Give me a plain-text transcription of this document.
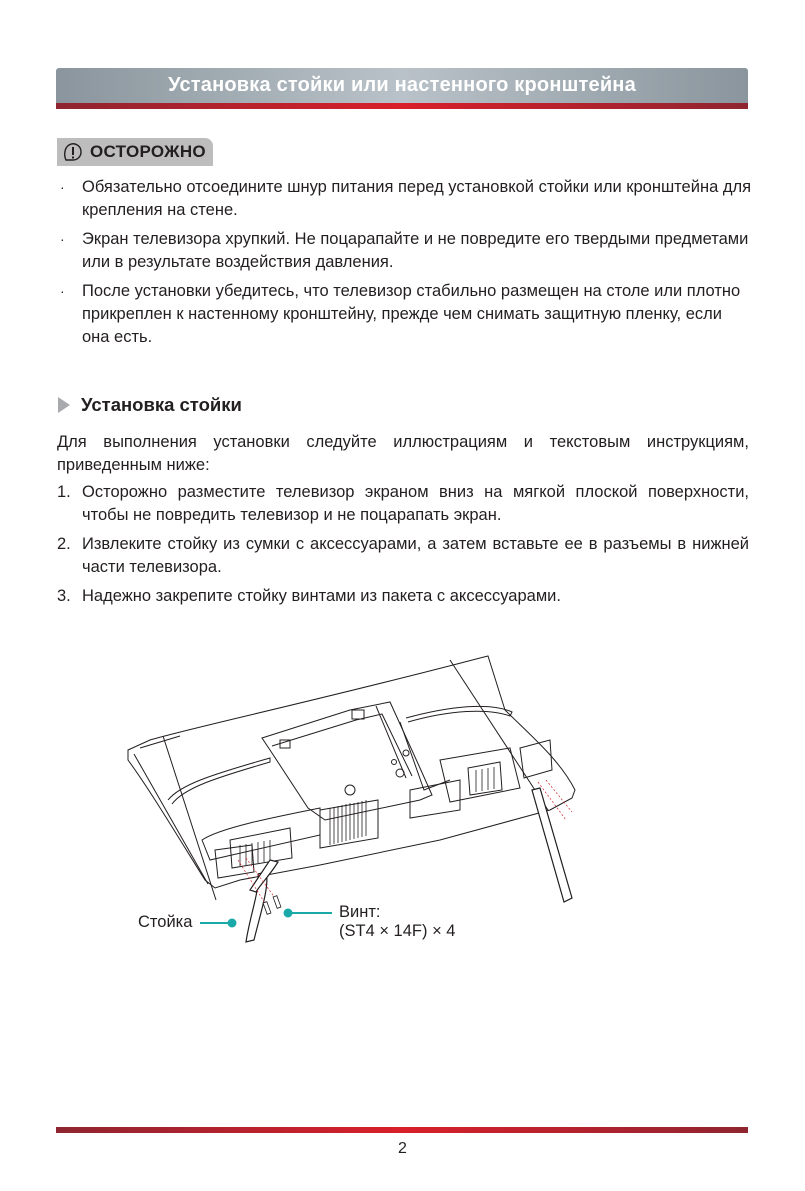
Установка стойки или настенного кронштейна
ОСТОРОЖНО
· Обязательно отсоедините шнур питания перед установкой стойки или кронштейна для крепления на стене.
· Экран телевизора хрупкий. Не поцарапайте и не повредите его твердыми предметами или в результате воздействия давления.
· После установки убедитесь, что телевизор стабильно размещен на столе или плотно прикреплен к настенному кронштейну, прежде чем снимать защитную пленку, если она есть.
Установка стойки

Для выполнения установки следуйте иллюстрациям и текстовым инструкциям, приведенным ниже:

1. Осторожно разместите телевизор экраном вниз на мягкой плоской поверхности, чтобы не повредить телевизор и не поцарапать экран.
2. Извлеките стойку из сумки с аксессуарами, а затем вставьте ее в разъемы в нижней части телевизора.
3. Надежно закрепите стойку винтами из пакета с аксессуарами.
Стойка
Винт:
(ST4 × 14F) × 4
2
